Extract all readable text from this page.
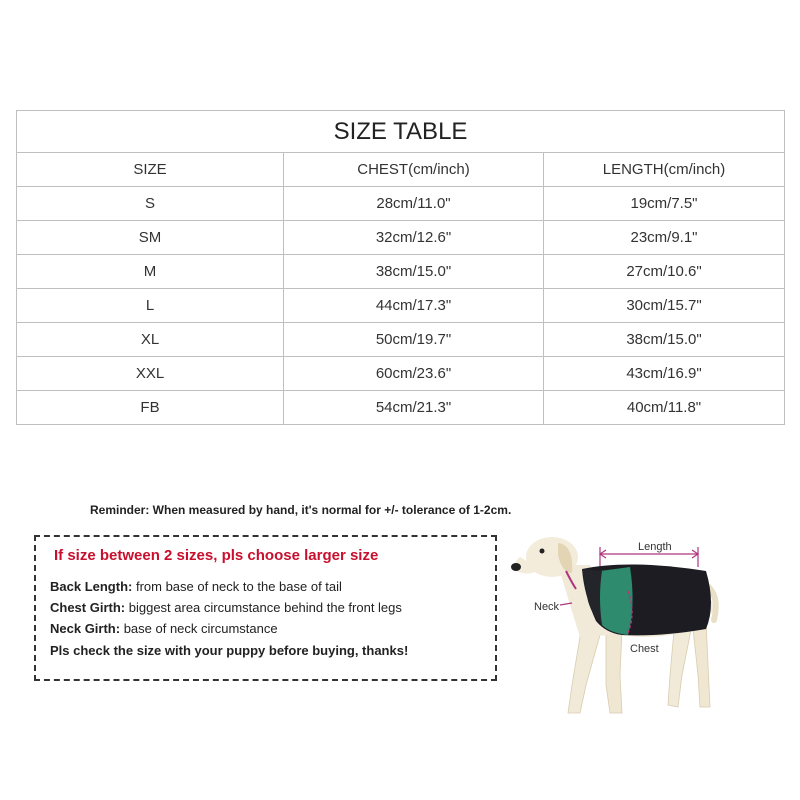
SIZE TABLE		
SIZE	CHEST(cm/inch)	LENGTH(cm/inch)
S	28cm/11.0"	19cm/7.5"
SM	32cm/12.6"	23cm/9.1"
M	38cm/15.0"	27cm/10.6"
L	44cm/17.3"	30cm/15.7"
XL	50cm/19.7"	38cm/15.0"
XXL	60cm/23.6"	43cm/16.9"
FB	54cm/21.3"	40cm/11.8"
Reminder: When measured by hand, it's normal for +/- tolerance of 1-2cm.
If size between 2 sizes, pls choose larger size
Back Length: from base of neck to the base of tail
Chest Girth: biggest area circumstance behind the front legs
Neck Girth: base of neck circumstance
Pls check the size with your puppy before buying, thanks!
Length
Neck
Chest
